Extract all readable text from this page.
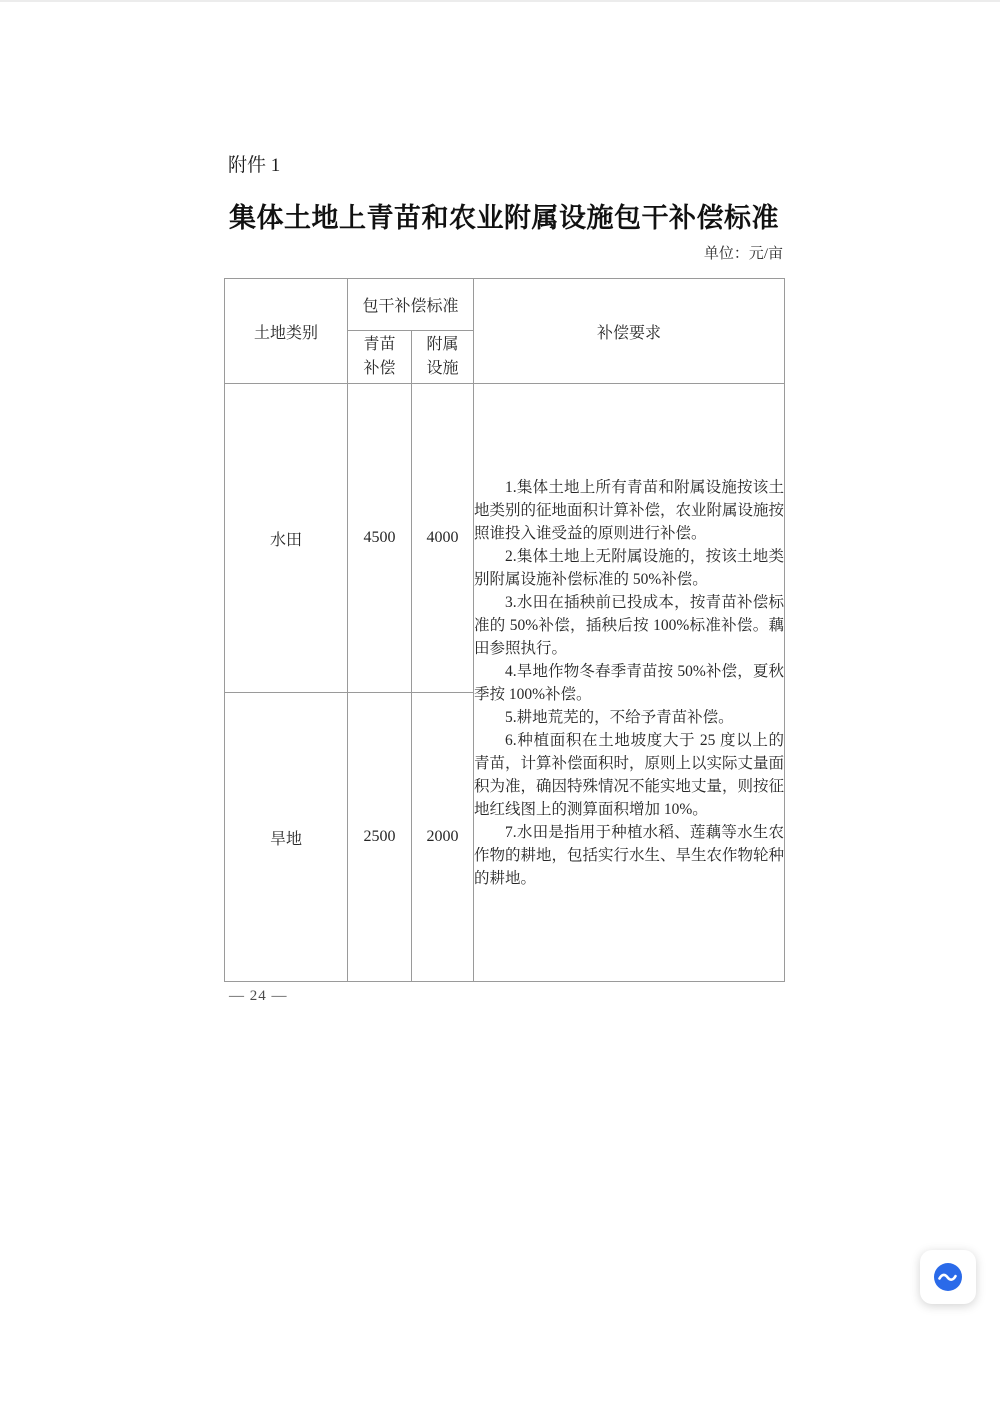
附件 1
集体土地上青苗和农业附属设施包干补偿标准
单位：元/亩
土地类别	包干补偿标准		补偿要求
	青苗补偿	附属设施	
水田	4500	4000	

1.集体土地上所有青苗和附属设施按该土地类别的征地面积计算补偿，农业附属设施按照谁投入谁受益的原则进行补偿。

2.集体土地上无附属设施的，按该土地类别附属设施补偿标准的 50%补偿。

3.水田在插秧前已投成本，按青苗补偿标准的 50%补偿，插秧后按 100%标准补偿。藕田参照执行。

4.旱地作物冬春季青苗按 50%补偿，夏秋季按 100%补偿。

5.耕地荒芜的，不给予青苗补偿。

6.种植面积在土地坡度大于 25 度以上的青苗，计算补偿面积时，原则上以实际丈量面积为准，确因特殊情况不能实地丈量，则按征地红线图上的测算面积增加 10%。

7.水田是指用于种植水稻、莲藕等水生农作物的耕地，包括实行水生、旱生农作物轮种的耕地。

旱地	2500	2000	
— 24 —
